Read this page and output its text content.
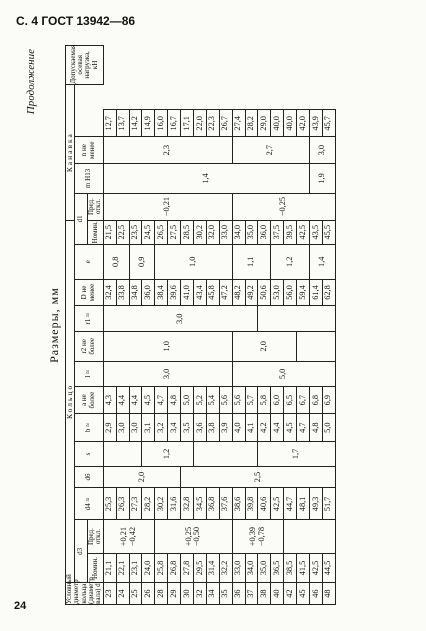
С. 4 ГОСТ 13942—86
24
Продолжение
Размеры, мм
Условный диаметр кольца (диаметр вала) d	Кольцо													Канавка				Допускаемая осевая нагрузка, кН
	d3		d4 ≈	d6	s	b ≈	a не более	l ≈	r2 не более	r1 ≈	D не менее	e	d1		m H13	n не менее		
	Номин.	Пред. откл.											Номин.	Пред. откл.				
23	21,1	+0,21 −0,42	25,3	2,0		2,9	4,3	3,0	1,0	3,0	32,4	0,8	21,5	−0,21	1,4	2,3	12,7	
24	22,1		26,3			3,0	4,4				33,8		22,5				13,7	
25	23,1		27,3			3,0	4,4				34,8	0,9	23,5				14,2	
26	24,0		28,2		1,2	3,1	4,5				36,0		24,5				14,9	
28	25,8	+0,25 −0,50	30,2			3,2	4,7				38,4	1,0	26,5				16,0	
29	26,8		31,6			3,4	4,8				39,6		27,5				16,7	
30	27,8		32,8	2,5		3,5	5,0				41,0		28,5				17,1	
32	29,5		34,5			3,6	5,2				43,4		30,2				22,0	
34	31,4		36,8			3,8	5,4				45,8		32,0				22,3	
35	32,2		37,6			3,9	5,6				47,2		33,0				26,7	
36	33,0	+0,39 −0,78	38,6			4,0	5,6	5,0	2,0		48,2	1,1	34,0	−0,25		2,7	27,4	
37	34,0		39,8			4,1	5,7				49,2		35,0				28,2	
38	35,0		40,6		1,7	4,2	5,8				50,6		36,0				29,0	
40	36,5		42,5			4,4	6,0				53,0	1,2	37,5				40,0	
42	38,5		44,7			4,5	6,5				56,0		39,5				40,0	
45	41,5		48,1			4,7	6,7				59,4		42,5				42,0	
46	42,5		49,3			4,8	6,8				61,4	1,4	43,5		1,9	3,0	43,9	
48	44,5		51,7			5,0	6,9				62,8		45,5				45,7	
